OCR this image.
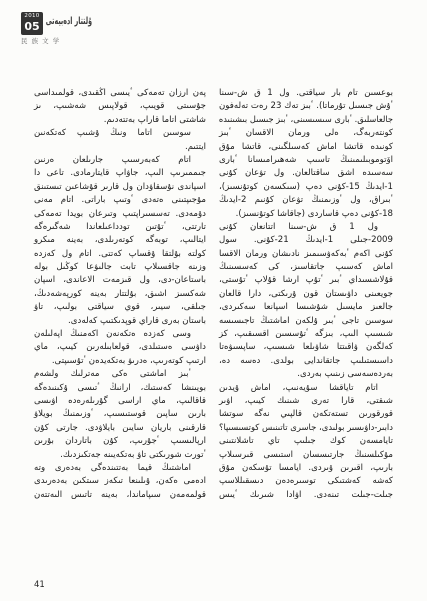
2010
05 ۇلتتار ادەبيەتى
民 族 文 学
بوعسىن تام بار سياقتى. ول 1 ق ش-سىنا
ٴۇش جىسىل تۇرماتا). ٴبىز تەك 23 رەت تەلەفون
جالعاسلىق. ٴبارى سىسىسىنى، ٴبىز جىسىل بىشىنىدە
كونتەربەگ، ەلى ورمان الاقسان ٴبىز
كونىدە قاتشا اماش كەسىلگىنى، قاتشا مۇق
اۆتوموبىلىمىنىڭ تاسىپ شەھىرامىسانا ٴبارى
سەسىدە اشق ساقتالعان. ول تۋعان كۇنى
1-ايدىڭ 15-كۇنى دەپ (سىكسەن كوتۇنسىز)،
ٴبىراق، ول ٴوزىمنىڭ تۋعان كۇنىم 2-ايدىڭ
18-كۇنى دەپ قاساردى (جاقاشا كوتۇنسىز).
ول 1 ق ش-سىنا اتتانعان كۇنى
2009-جىلى 1-ايدىڭ 21-كۇنى. سول
كۇنى اكەم ٴبەكەۋسىمىز نادىشان ورمان الاقسا
اماش كەسىپ جاتقاسىز، كى كەسسىنىڭ
قۇلاشسىداي ٴبىر ٴتۇپ ارشا قۇلاپ ٴتۇستى،
جويعىنى داۋىستان قون ۇرىكتى، دارا قالعان
جالعىز مايسىل شۇشىسا اسپانعا سەكىردى،
سوسىن تاجى ٴبىر ۇلكەن اماشتىڭ تاجىسىسە
شىسىپ الىپ، بىزگە ٴتۇسسىن اقسىقىپ، كز
كەلگەن ۋاقىتتا شاۋىلعا شىسىپ، ساپسىۋەتا
داسىستىلىپ جاتقاندايى بولدى. دەسە دە،
بەردەسەسى زىنىپ بەردى.
اتام تاياقشا سۇيەنىپ، اماش ۇيدىن
شىقتى، قارا تەرى شىنىك كيىپ، اۋىر
قورقورىن تستەتكەن قالپىي نەگە سوتشا
دابىر-داۋىسىر بولىدى، جاسرى تاتىنىس كوتسىسىپا؟
تايامسەن كوك جىلىپ تاي تاشلانتىنى
مۇكىلسنىڭ جارتىسسان استىسى قىرسىلاپ
بارىپ، اقىرىن ۇىردى. ايامسا تۇسكەن مۇق
كەشە كەشتىكى توسىرەدەن دىسقىللاسپ
جىلت-جىلت تىنەدى. اۋادا شىرىك ٴيىس
پەن ارزان تەمەكى ٴيىسى اڭقىدى، قولمىداسى
جۇسىتى قويىپ، قولاپىس شەشىپ، ىز
شاشتى اتاما قاراپ بەتتەدىم.
سوسىن اتاما ونىڭ ۇشىپ كەتكەنىن
ايتتىم.
اتام كەبەرسىپ جارىلعان ەرنىن
جىممىرىپ الىپ، جاۋاپ قايتارمادى. تاعى دا
اسپاندى نۇسقاۋدان ول قارىر قۇشاعىن تىستىنق
مۇجىپتىنى ەتەدى ٴوتىپ باراتى. اتام مەنى
دۇمەدى. تەسسىراپتىپ وتىرعان بويدا تەمەكى
تارتتى، ٴتۇتىن تودداعىلعاندا شەگىرەگە
ايتالىپ، توبەگە كوتەرىلدى، بەينە مىكرو
كولتە بۇلتقا ۇقساپ كەتتى. اتام ول كەزدە
وزىنە جاقسىلاپ تابت جالىۋعا كوڭىل بولە
باستاعان-دى، ول قىزمەت الاعاندى، اسپان
شەكسىز اشىق، بۇلتتار بەينە كورپەشەدىڭ،
جىلقى، سيىر، قوي سياقتى بولىپ، تاۋ
باستان بەرى قاراي قوپدىكتىپ كەلەدى.
وسى كەزدە ەتكەنەن اكەمنىڭ اپەلىلەن
داۋسى ەستىلدى، قولعابىلەرىن كيىپ، ماي
ارتىپ كوتەرىپ، ەدرىۋ بەتكەيدەن ٴتۇسىپتى.
ٴبىز اماشتى ەكى مەترلىك ولشەم
بويىنشا كەستىك، ارانىڭ ٴتىسى ۇكىنىدەگە
قاقالىپ، ماي اراسى گۇرىلەرەدە اۋىسى
بارىن ساپىن قوستىسىپ، ٴوزىمنىڭ بويلاۋ
قارقىنى باريان سايىن بايلاۋدى. جارتى كۇن
ارپالىسىپ ٴجۇرىپ، كۇن باتاردان بۇرىن
ٴتورت شورىكتى تاۋ بەتكەيىنە جەتكىزدىك.
اماشتىڭ قيما بەتتىندەگى بەدەرى وتە
ادەمى ەكەن، ۇىلىنعا تىكەز سىتكىن بەدەرىدى
قولمەمەن سىپاماندا، بەينە تاتىس الىەتتەن
41
